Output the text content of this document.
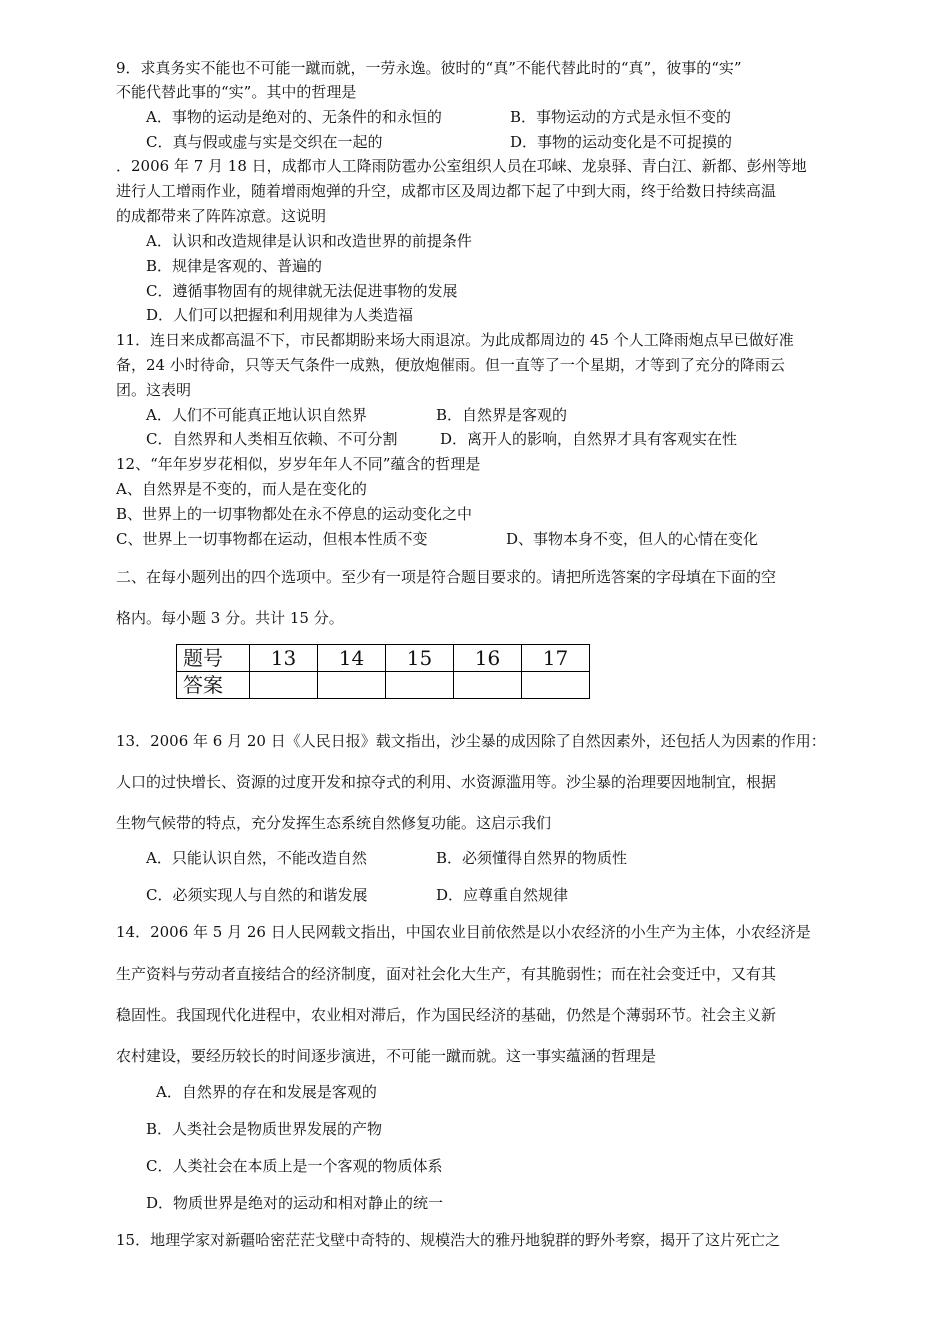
9．求真务实不能也不可能一蹴而就，一劳永逸。彼时的“真”不能代替此时的“真”，彼事的“实”
不能代替此事的“实”。其中的哲理是
A．事物的运动是绝对的、无条件的和永恒的	B．事物运动的方式是永恒不变的
C．真与假或虚与实是交织在一起的	D．事物的运动变化是不可捉摸的
．2006 年 7 月 18 日，成都市人工降雨防雹办公室组织人员在邛崃、龙泉驿、青白江、新都、彭州等地
进行人工增雨作业，随着增雨炮弹的升空，成都市区及周边都下起了中到大雨，终于给数日持续高温
的成都带来了阵阵凉意。这说明
A．认识和改造规律是认识和改造世界的前提条件
B．规律是客观的、普遍的
C．遵循事物固有的规律就无法促进事物的发展
D．人们可以把握和利用规律为人类造福
11．连日来成都高温不下，市民都期盼来场大雨退凉。为此成都周边的 45 个人工降雨炮点早已做好准
备，24 小时待命，只等天气条件一成熟，便放炮催雨。但一直等了一个星期，才等到了充分的降雨云
团。这表明
A．人们不可能真正地认识自然界	B．自然界是客观的
C．自然界和人类相互依赖、不可分割	D．离开人的影响，自然界才具有客观实在性
12、“年年岁岁花相似，岁岁年年人不同”蕴含的哲理是
A、自然界是不变的，而人是在变化的
B、世界上的一切事物都处在永不停息的运动变化之中
C、世界上一切事物都在运动，但根本性质不变	D、事物本身不变，但人的心情在变化
二、在每小题列出的四个选项中。至少有一项是符合题目要求的。请把所选答案的字母填在下面的空
格内。每小题 3 分。共计 15 分。
题号	13	14	15	16	17
答案					
13．2006 年 6 月 20 日《人民日报》载文指出，沙尘暴的成因除了自然因素外，还包括人为因素的作用：
人口的过快增长、资源的过度开发和掠夺式的利用、水资源滥用等。沙尘暴的治理要因地制宜，根据
生物气候带的特点，充分发挥生态系统自然修复功能。这启示我们
A．只能认识自然，不能改造自然	B．必须懂得自然界的物质性
C．必须实现人与自然的和谐发展	D．应尊重自然规律
14．2006 年 5 月 26 日人民网载文指出，中国农业目前依然是以小农经济的小生产为主体，小农经济是
生产资料与劳动者直接结合的经济制度，面对社会化大生产，有其脆弱性；而在社会变迁中，又有其
稳固性。我国现代化进程中，农业相对滞后，作为国民经济的基础，仍然是个薄弱环节。社会主义新
农村建设，要经历较长的时间逐步演进，不可能一蹴而就。这一事实蕴涵的哲理是
A．自然界的存在和发展是客观的
B．人类社会是物质世界发展的产物
C．人类社会在本质上是一个客观的物质体系
D．物质世界是绝对的运动和相对静止的统一
15．地理学家对新疆哈密茫茫戈壁中奇特的、规模浩大的雅丹地貌群的野外考察，揭开了这片死亡之
